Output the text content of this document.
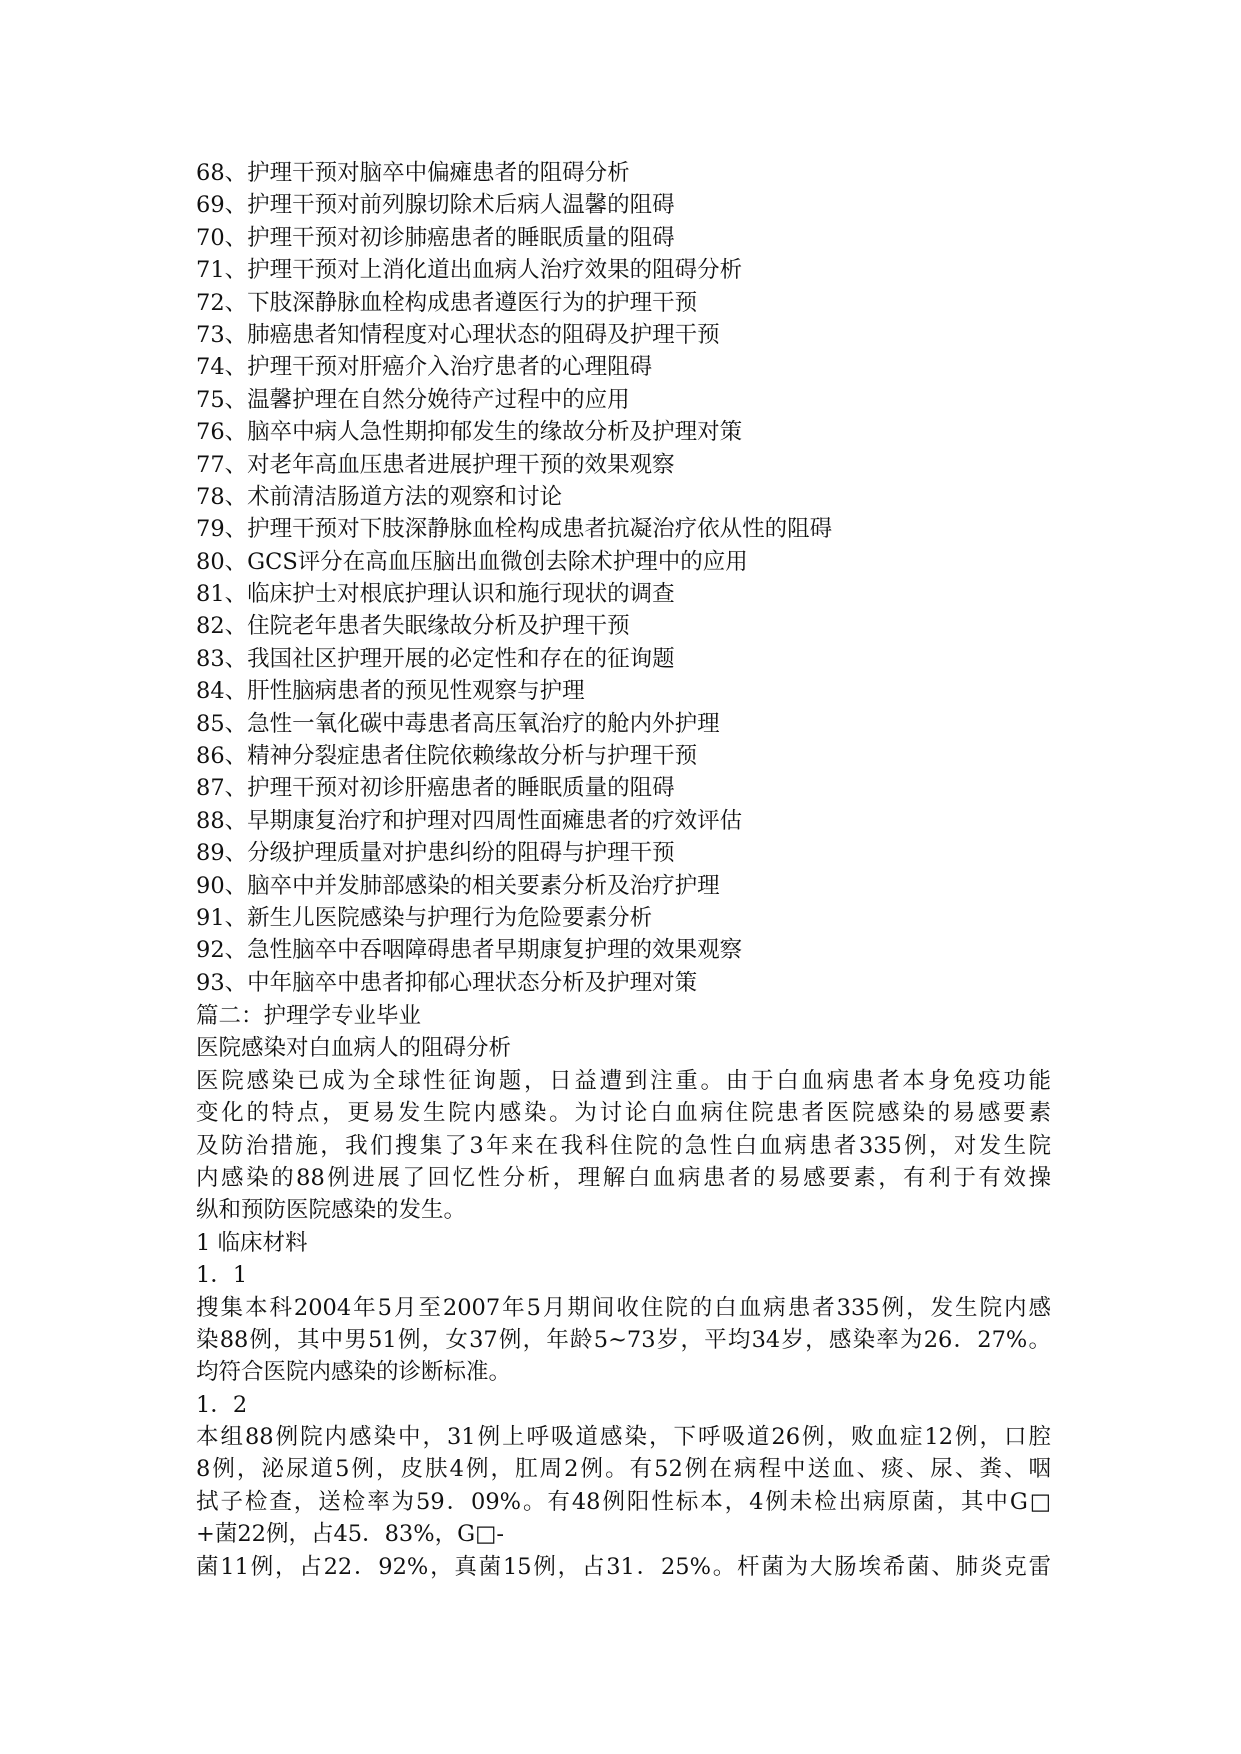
68、护理干预对脑卒中偏瘫患者的阻碍分析
69、护理干预对前列腺切除术后病人温馨的阻碍
70、护理干预对初诊肺癌患者的睡眠质量的阻碍
71、护理干预对上消化道出血病人治疗效果的阻碍分析
72、下肢深静脉血栓构成患者遵医行为的护理干预
73、肺癌患者知情程度对心理状态的阻碍及护理干预
74、护理干预对肝癌介入治疗患者的心理阻碍
75、温馨护理在自然分娩待产过程中的应用
76、脑卒中病人急性期抑郁发生的缘故分析及护理对策
77、对老年高血压患者进展护理干预的效果观察
78、术前清洁肠道方法的观察和讨论
79、护理干预对下肢深静脉血栓构成患者抗凝治疗依从性的阻碍
80、GCS评分在高血压脑出血微创去除术护理中的应用
81、临床护士对根底护理认识和施行现状的调查
82、住院老年患者失眠缘故分析及护理干预
83、我国社区护理开展的必定性和存在的征询题
84、肝性脑病患者的预见性观察与护理
85、急性一氧化碳中毒患者高压氧治疗的舱内外护理
86、精神分裂症患者住院依赖缘故分析与护理干预
87、护理干预对初诊肝癌患者的睡眠质量的阻碍
88、早期康复治疗和护理对四周性面瘫患者的疗效评估
89、分级护理质量对护患纠纷的阻碍与护理干预
90、脑卒中并发肺部感染的相关要素分析及治疗护理
91、新生儿医院感染与护理行为危险要素分析
92、急性脑卒中吞咽障碍患者早期康复护理的效果观察
93、中年脑卒中患者抑郁心理状态分析及护理对策
篇二：护理学专业毕业
医院感染对白血病人的阻碍分析

医院感染已成为全球性征询题，日益遭到注重。由于白血病患者本身免疫功能
变化的特点，更易发生院内感染。为讨论白血病住院患者医院感染的易感要素
及防治措施，我们搜集了3年来在我科住院的急性白血病患者335例，对发生院
内感染的88例进展了回忆性分析，理解白血病患者的易感要素，有利于有效操
纵和预防医院感染的发生。

1 临床材料
1．1

搜集本科2004年5月至2007年5月期间收住院的白血病患者335例，发生院内感
染88例，其中男51例，女37例，年龄5~73岁，平均34岁，感染率为26．27%。
均符合医院内感染的诊断标准。

1．2

本组88例院内感染中，31例上呼吸道感染，下呼吸道26例，败血症12例，口腔
8例，泌尿道5例，皮肤4例，肛周2例。有52例在病程中送血、痰、尿、粪、咽
拭子检查，送检率为59．09%。有48例阳性标本，4例未检出病原菌，其中G□
+菌22例，占45．83%，G□-
菌11例，占22．92%，真菌15例，占31．25%。杆菌为大肠埃希菌、肺炎克雷
